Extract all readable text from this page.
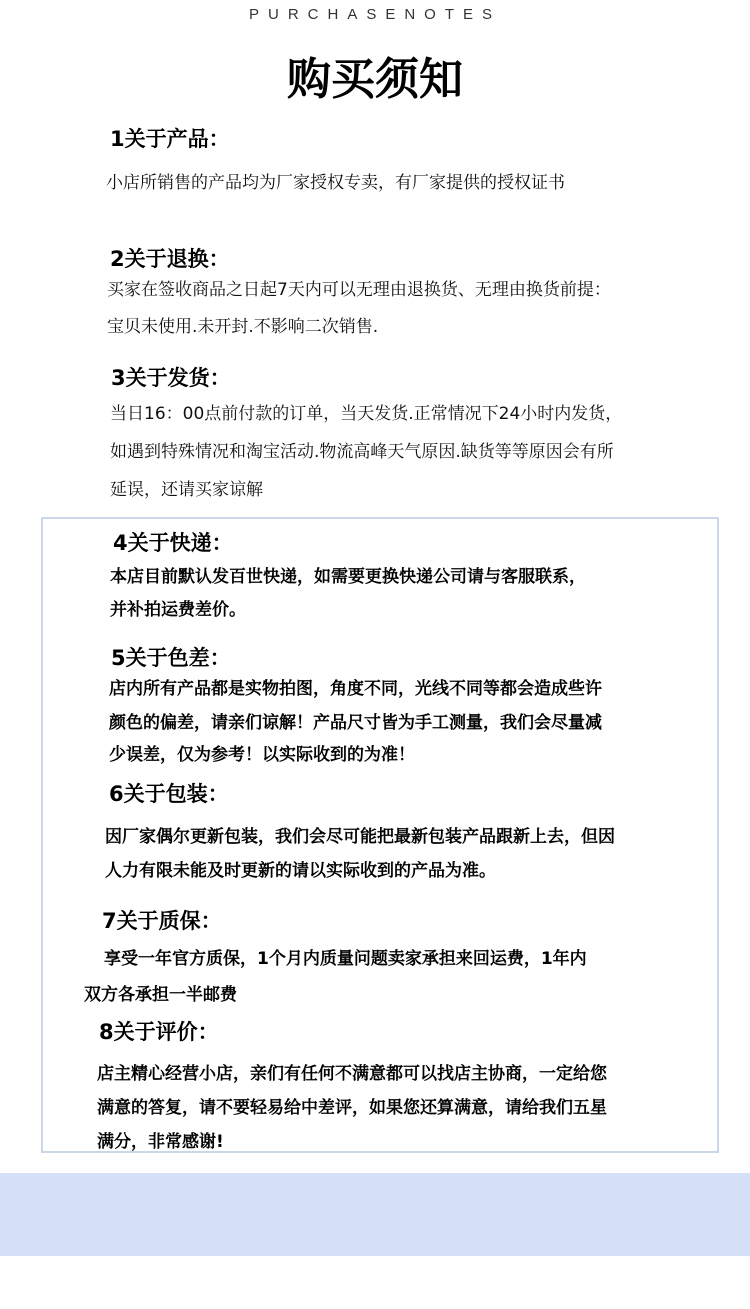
PURCHASENOTES
购买须知
1关于产品：
小店所销售的产品均为厂家授权专卖，有厂家提供的授权证书
2关于退换：
买家在签收商品之日起7天内可以无理由退换货、无理由换货前提：
宝贝未使用.未开封.不影响二次销售.
3关于发货：
当日16：00点前付款的订单，当天发货.正常情况下24小时内发货，
如遇到特殊情况和淘宝活动.物流高峰天气原因.缺货等等原因会有所
延误，还请买家谅解
4关于快递：
本店目前默认发百世快递，如需要更换快递公司请与客服联系，
并补拍运费差价。
5关于色差：
店内所有产品都是实物拍图，角度不同，光线不同等都会造成些许
颜色的偏差，请亲们谅解！产品尺寸皆为手工测量，我们会尽量减
少误差，仅为参考！以实际收到的为准！
6关于包装：
因厂家偶尔更新包装，我们会尽可能把最新包装产品跟新上去，但因
人力有限未能及时更新的请以实际收到的产品为准。
7关于质保：
享受一年官方质保，1个月内质量问题卖家承担来回运费，1年内
双方各承担一半邮费
8关于评价：
店主精心经营小店，亲们有任何不满意都可以找店主协商，一定给您
满意的答复，请不要轻易给中差评，如果您还算满意，请给我们五星
满分，非常感谢!
